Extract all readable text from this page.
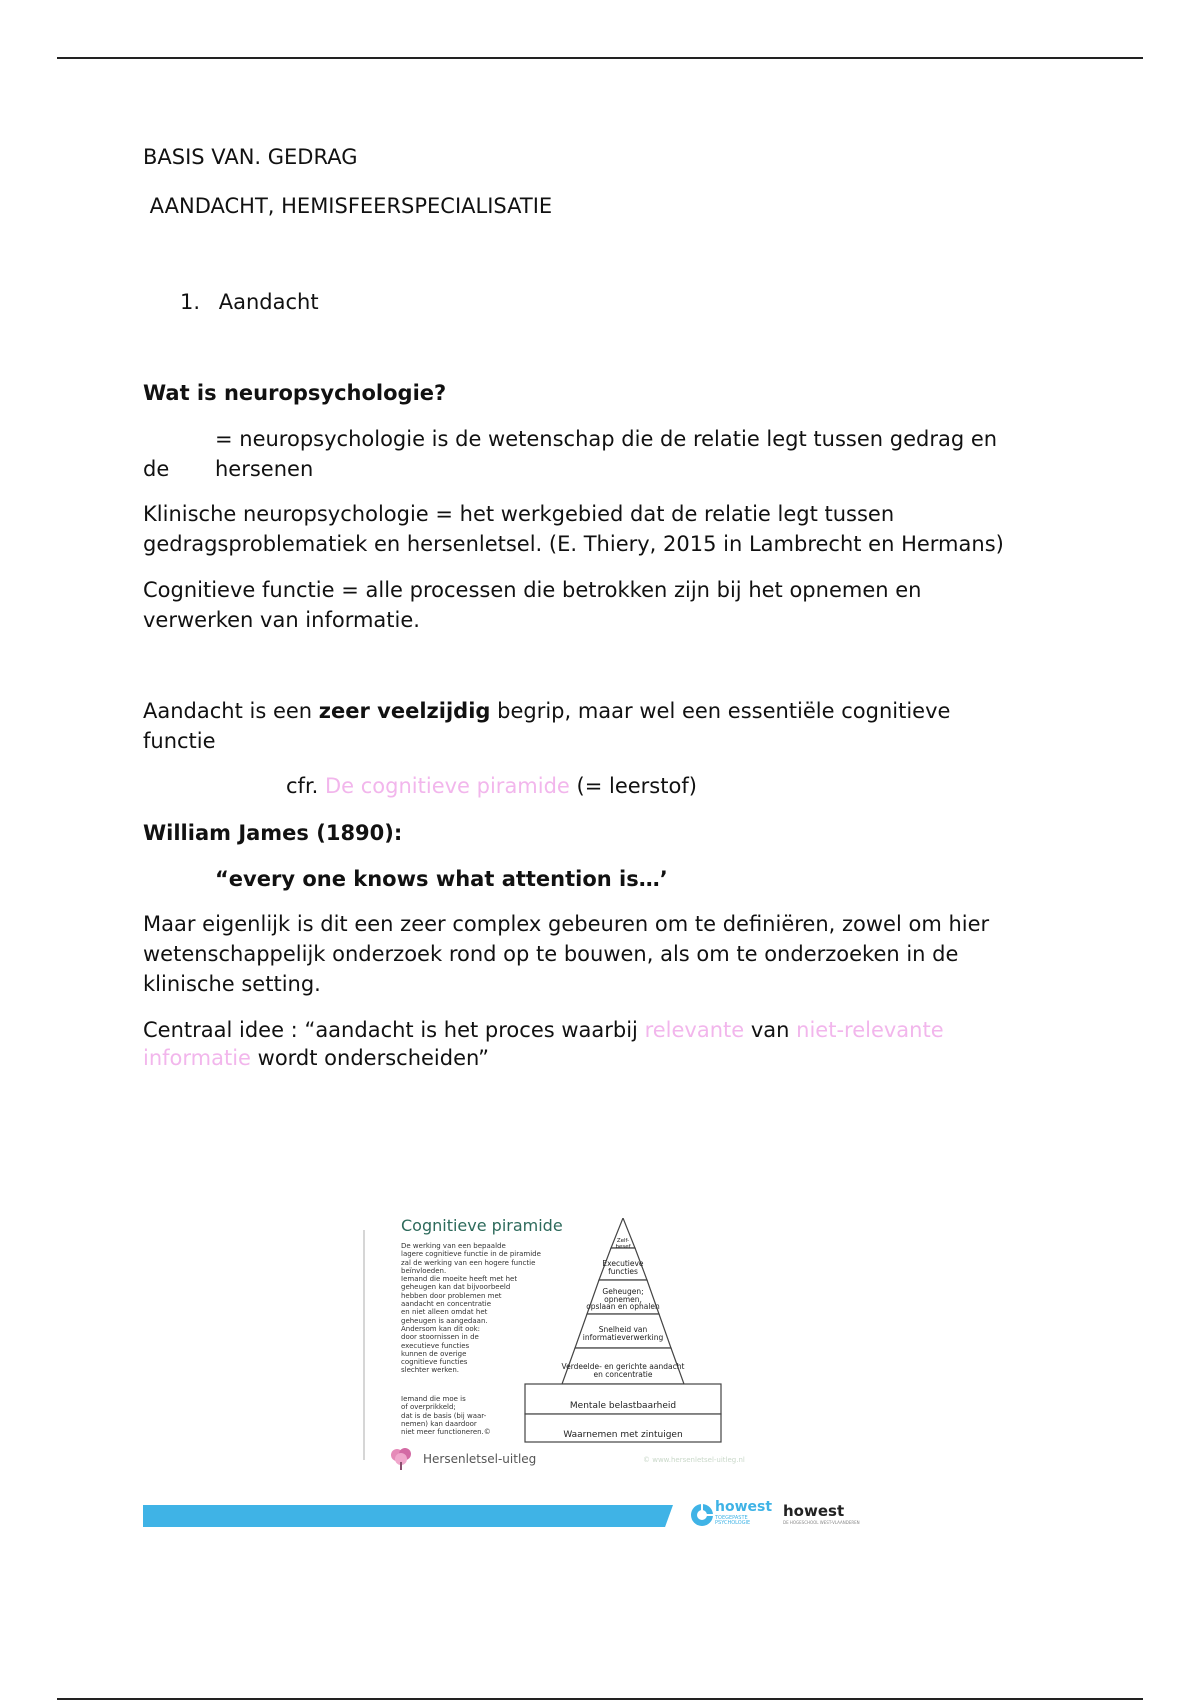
BASIS VAN. GEDRAG

AANDACHT, HEMISFEERSPECIALISATIE

1. Aandacht

Wat is neuropsychologie?

= neuropsychologie is de wetenschap die de relatie legt tussen gedrag en

de hersenen

Klinische neuropsychologie = het werkgebied dat de relatie legt tussen

gedragsproblematiek en hersenletsel. (E. Thiery, 2015 in Lambrecht en Hermans)

Cognitieve functie = alle processen die betrokken zijn bij het opnemen en

verwerken van informatie.

Aandacht is een zeer veelzijdig begrip, maar wel een essentiële cognitieve

functie

cfr. De cognitieve piramide (= leerstof)

William James (1890):

“every one knows what attention is…’

Maar eigenlijk is dit een zeer complex gebeuren om te definiëren, zowel om hier

wetenschappelijk onderzoek rond op te bouwen, als om te onderzoeken in de

klinische setting.

Centraal idee : “aandacht is het proces waarbij relevante van niet-relevante

informatie wordt onderscheiden”

Cognitieve piramide
De werking van een bepaalde
lagere cognitieve functie in de piramide
zal de werking van een hogere functie
beïnvloeden.
Iemand die moeite heeft met het
geheugen kan dat bijvoorbeeld
hebben door problemen met
aandacht en concentratie
en niet alleen omdat het
geheugen is aangedaan.
Andersom kan dit ook:
door stoornissen in de
executieve functies
kunnen de overige
cognitieve functies
slechter werken.
Iemand die moe is
of overprikkeld;
dat is de basis (bij waar-
nemen) kan daardoor
niet meer functioneren.©
Zelf-
besef
Executieve
functies
Geheugen;
opnemen,
opslaan en ophalen
Snelheid van
informatieverwerking
Verdeelde- en gerichte aandacht
en concentratie
Mentale belastbaarheid
Waarnemen met zintuigen
Hersenletsel-uitleg	© www.hersenletsel-uitleg.nl
howest
TOEGEPASTE
PSYCHOLOGIE
howest
DE HOGESCHOOL WEST-VLAANDEREN
